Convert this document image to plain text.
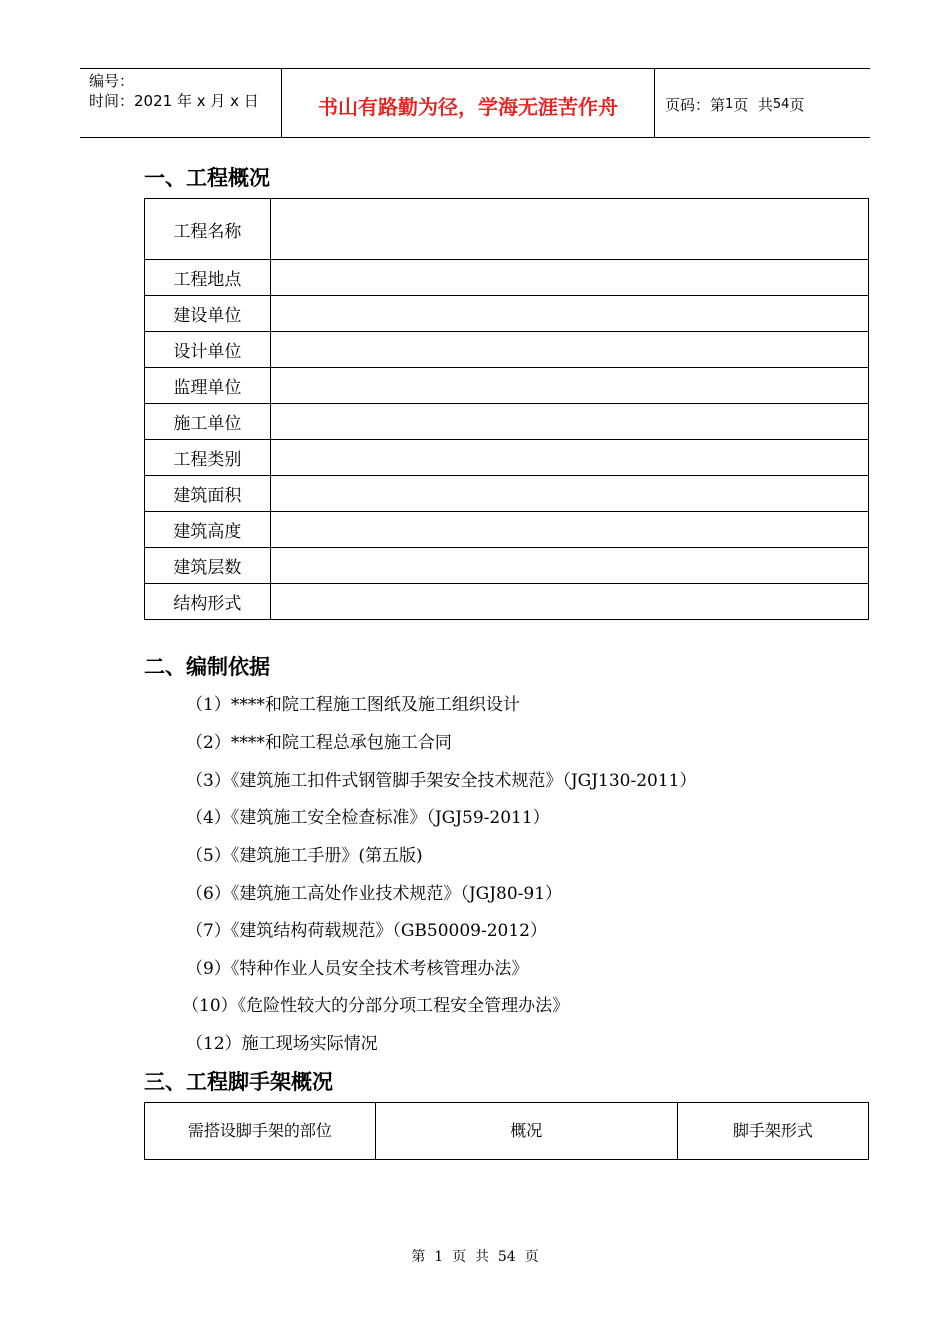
编号：
时间：2021 年 x 月 x 日	书山有路勤为径，学海无涯苦作舟	页码：第 1 页  共 54 页
一、工程概况
工程名称	
工程地点	
建设单位	
设计单位	
监理单位	
施工单位	
工程类别	
建筑面积	
建筑高度	
建筑层数	
结构形式	
二、编制依据
（1）****和院工程施工图纸及施工组织设计
（2）****和院工程总承包施工合同
（3）《建筑施工扣件式钢管脚手架安全技术规范》（JGJ130-2011）
（4）《建筑施工安全检查标准》（JGJ59-2011）
（5）《建筑施工手册》(第五版)
（6）《建筑施工高处作业技术规范》（JGJ80-91）
（7）《建筑结构荷载规范》（GB50009-2012）
（9）《特种作业人员安全技术考核管理办法》
（10）《危险性较大的分部分项工程安全管理办法》
（12）施工现场实际情况
三、工程脚手架概况
需搭设脚手架的部位	概况	脚手架形式
第  1  页  共  54  页
